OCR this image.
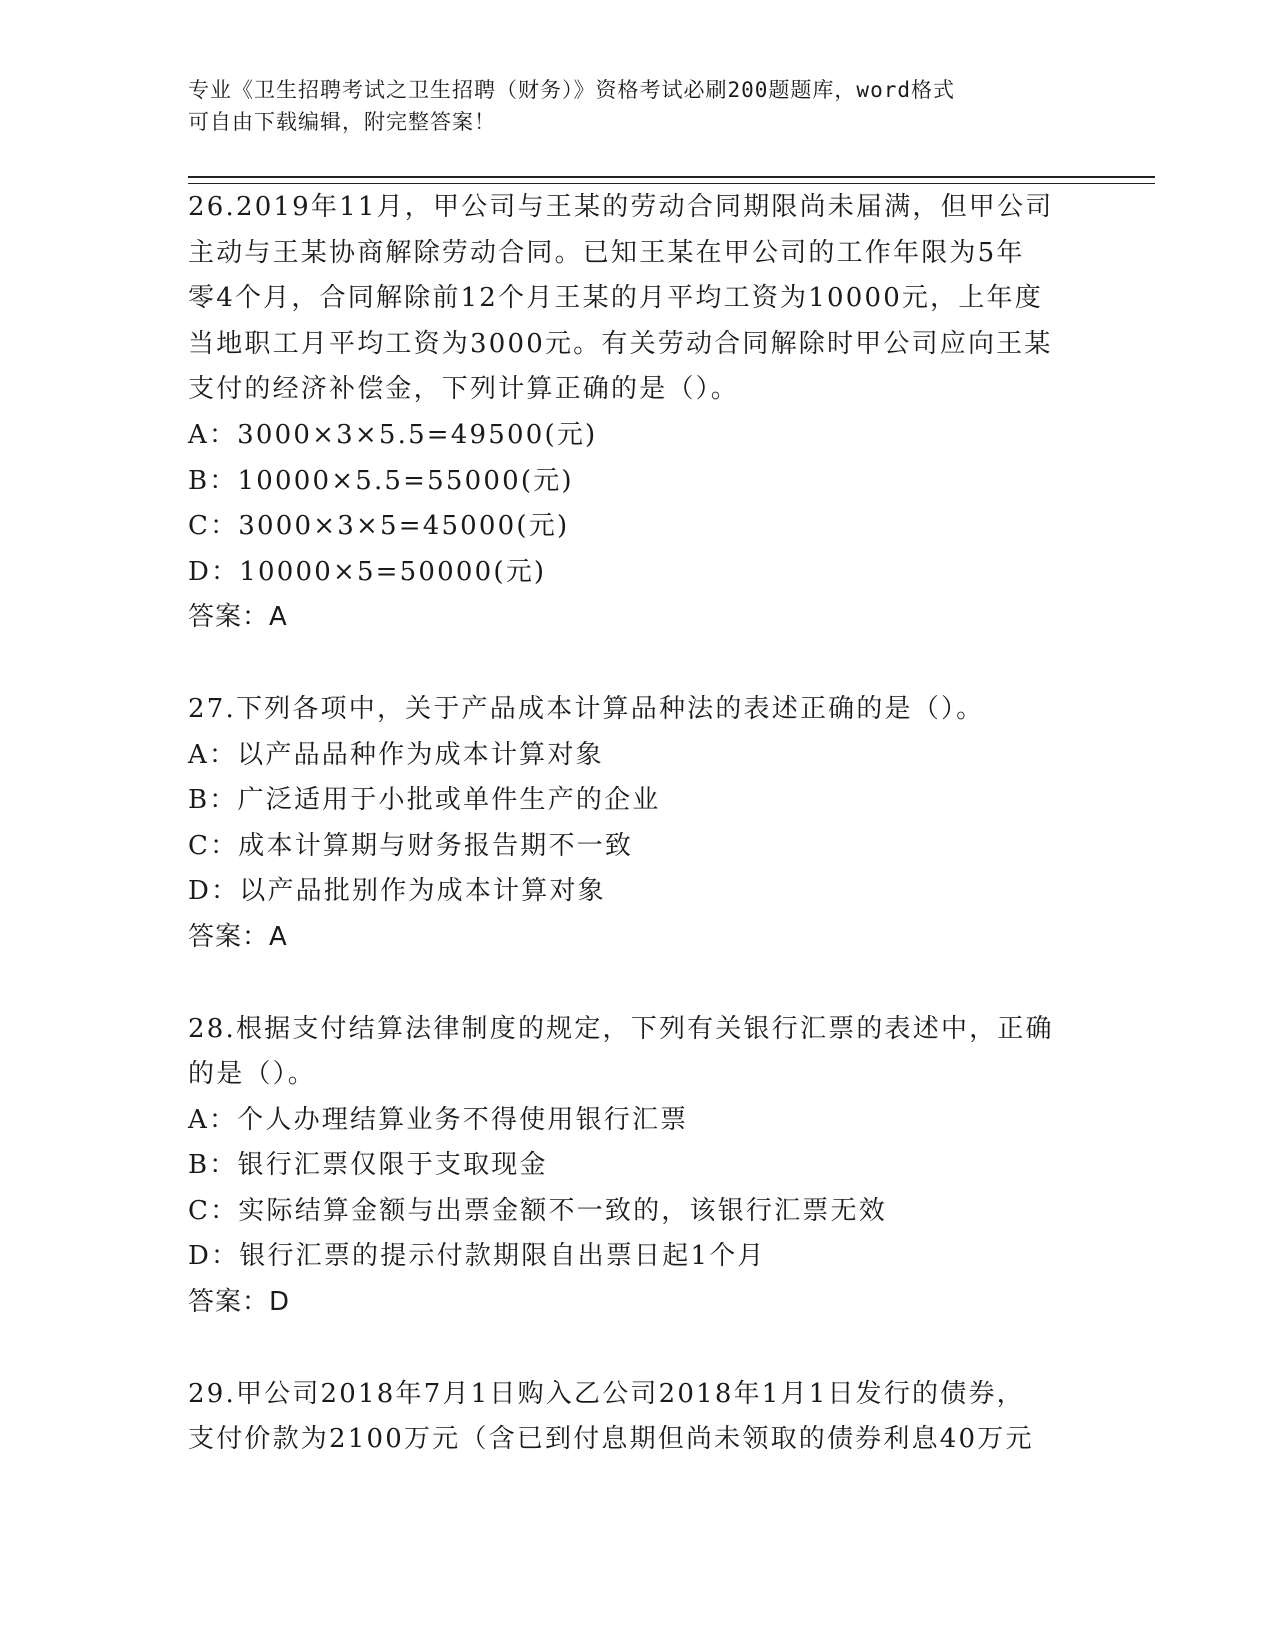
专业《卫生招聘考试之卫生招聘（财务）》资格考试必刷200题题库，word格式
可自由下载编辑，附完整答案！
26.2019年11月，甲公司与王某的劳动合同期限尚未届满，但甲公司
主动与王某协商解除劳动合同。已知王某在甲公司的工作年限为5年
零4个月，合同解除前12个月王某的月平均工资为10000元，上年度
当地职工月平均工资为3000元。有关劳动合同解除时甲公司应向王某
支付的经济补偿金，下列计算正确的是（）。
A：3000×3×5.5=49500(元)
B：10000×5.5=55000(元)
C：3000×3×5=45000(元)
D：10000×5=50000(元)
答案：A
27.下列各项中，关于产品成本计算品种法的表述正确的是（）。
A：以产品品种作为成本计算对象
B：广泛适用于小批或单件生产的企业
C：成本计算期与财务报告期不一致
D：以产品批别作为成本计算对象
答案：A
28.根据支付结算法律制度的规定，下列有关银行汇票的表述中，正确
的是（）。
A：个人办理结算业务不得使用银行汇票
B：银行汇票仅限于支取现金
C：实际结算金额与出票金额不一致的，该银行汇票无效
D：银行汇票的提示付款期限自出票日起1个月
答案：D
29.甲公司2018年7月1日购入乙公司2018年1月1日发行的债券，
支付价款为2100万元（含已到付息期但尚未领取的债券利息40万元
